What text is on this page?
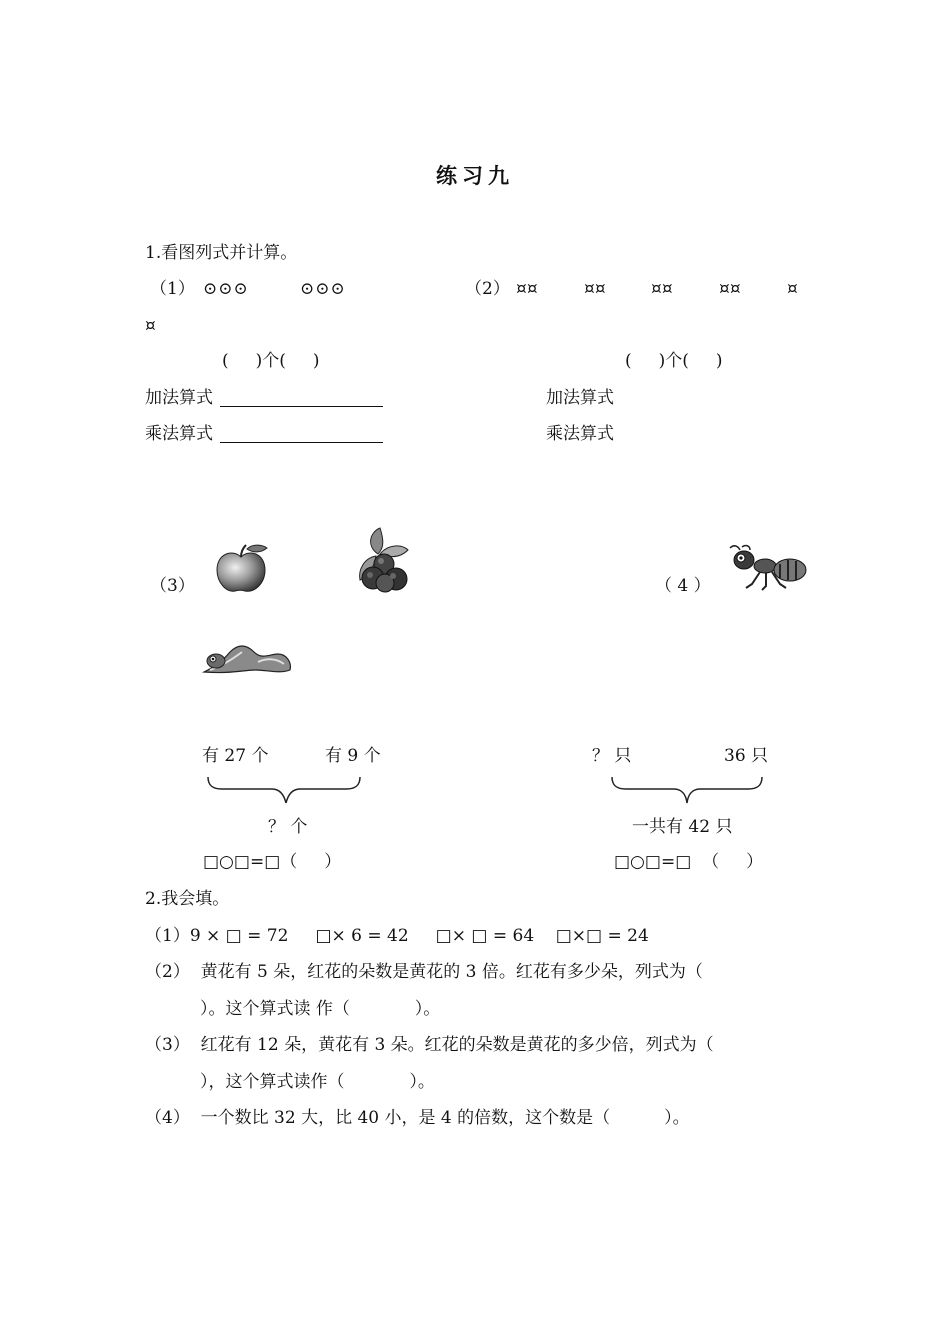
练习九
1.看图列式并计算。
（1） ⊙⊙⊙	⊙⊙⊙
(     )个(     )
加法算式
乘法算式
（2） ¤¤	¤¤	¤¤	¤¤	¤
¤
(     )个(     )
加法算式
乘法算式
（3）	（ 4 ）
有 27 个	有 9 个
？ 个
□○□=□（     ）
？ 只	36 只
一共有 42 只
□○□=□  （     ）
2.我会填。
（1）9 × □ = 72     □× 6 = 42     □× □ = 64    □×□ = 24
（2）  黄花有 5 朵，红花的朵数是黄花的 3 倍。红花有多少朵，列式为（
）。这个算式读 作（            ）。
（3）  红花有 12 朵，黄花有 3 朵。红花的朵数是黄花的多少倍，列式为（
），这个算式读作（            ）。
（4）  一个数比 32 大，比 40 小，是 4 的倍数，这个数是（          ）。
